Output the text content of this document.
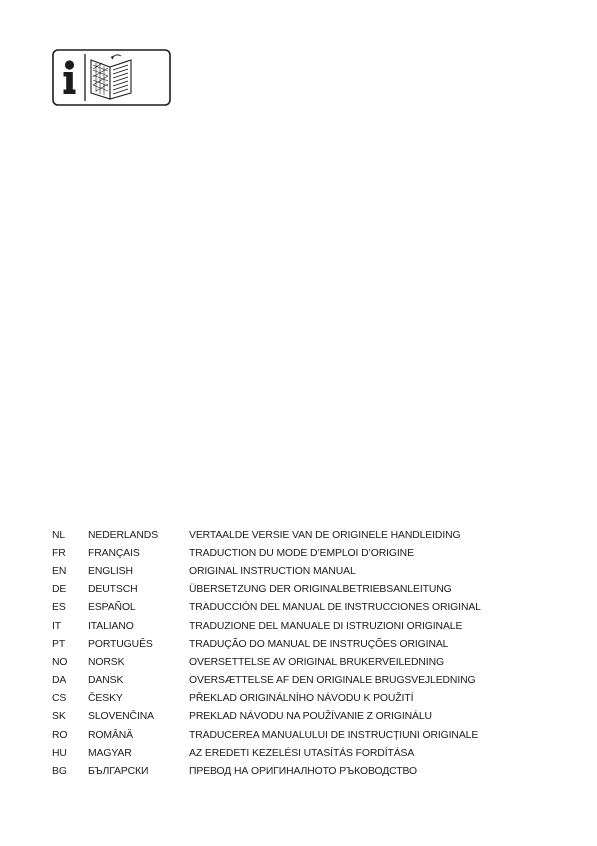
NL	NEDERLANDS	VERTAALDE VERSIE VAN DE ORIGINELE HANDLEIDING
FR	FRANÇAIS	TRADUCTION DU MODE D’EMPLOI D’ORIGINE
EN	ENGLISH	ORIGINAL INSTRUCTION MANUAL
DE	DEUTSCH	ÜBERSETZUNG DER ORIGINALBETRIEBSANLEITUNG
ES	ESPAÑOL	TRADUCCIÓN DEL MANUAL DE INSTRUCCIONES ORIGINAL
IT	ITALIANO	TRADUZIONE DEL MANUALE DI ISTRUZIONI ORIGINALE
PT	PORTUGUÊS	TRADUÇÃO DO MANUAL DE INSTRUÇÕES ORIGINAL
NO	NORSK	OVERSETTELSE AV ORIGINAL BRUKERVEILEDNING
DA	DANSK	OVERSÆTTELSE AF DEN ORIGINALE BRUGSVEJLEDNING
CS	ČESKY	PŘEKLAD ORIGINÁLNÍHO NÁVODU K POUŽITÍ
SK	SLOVENČINA	PREKLAD NÁVODU NA POUŽÍVANIE Z ORIGINÁLU
RO	ROMÂNĂ	TRADUCEREA MANUALULUI DE INSTRUCȚIUNI ORIGINALE
HU	MAGYAR	AZ EREDETI KEZELÉSI UTASÍTÁS FORDÍTÁSA
BG	БЪЛГАРСКИ	ПРЕВОД НА ОРИГИНАЛНОТО РЪКОВОДСТВО
